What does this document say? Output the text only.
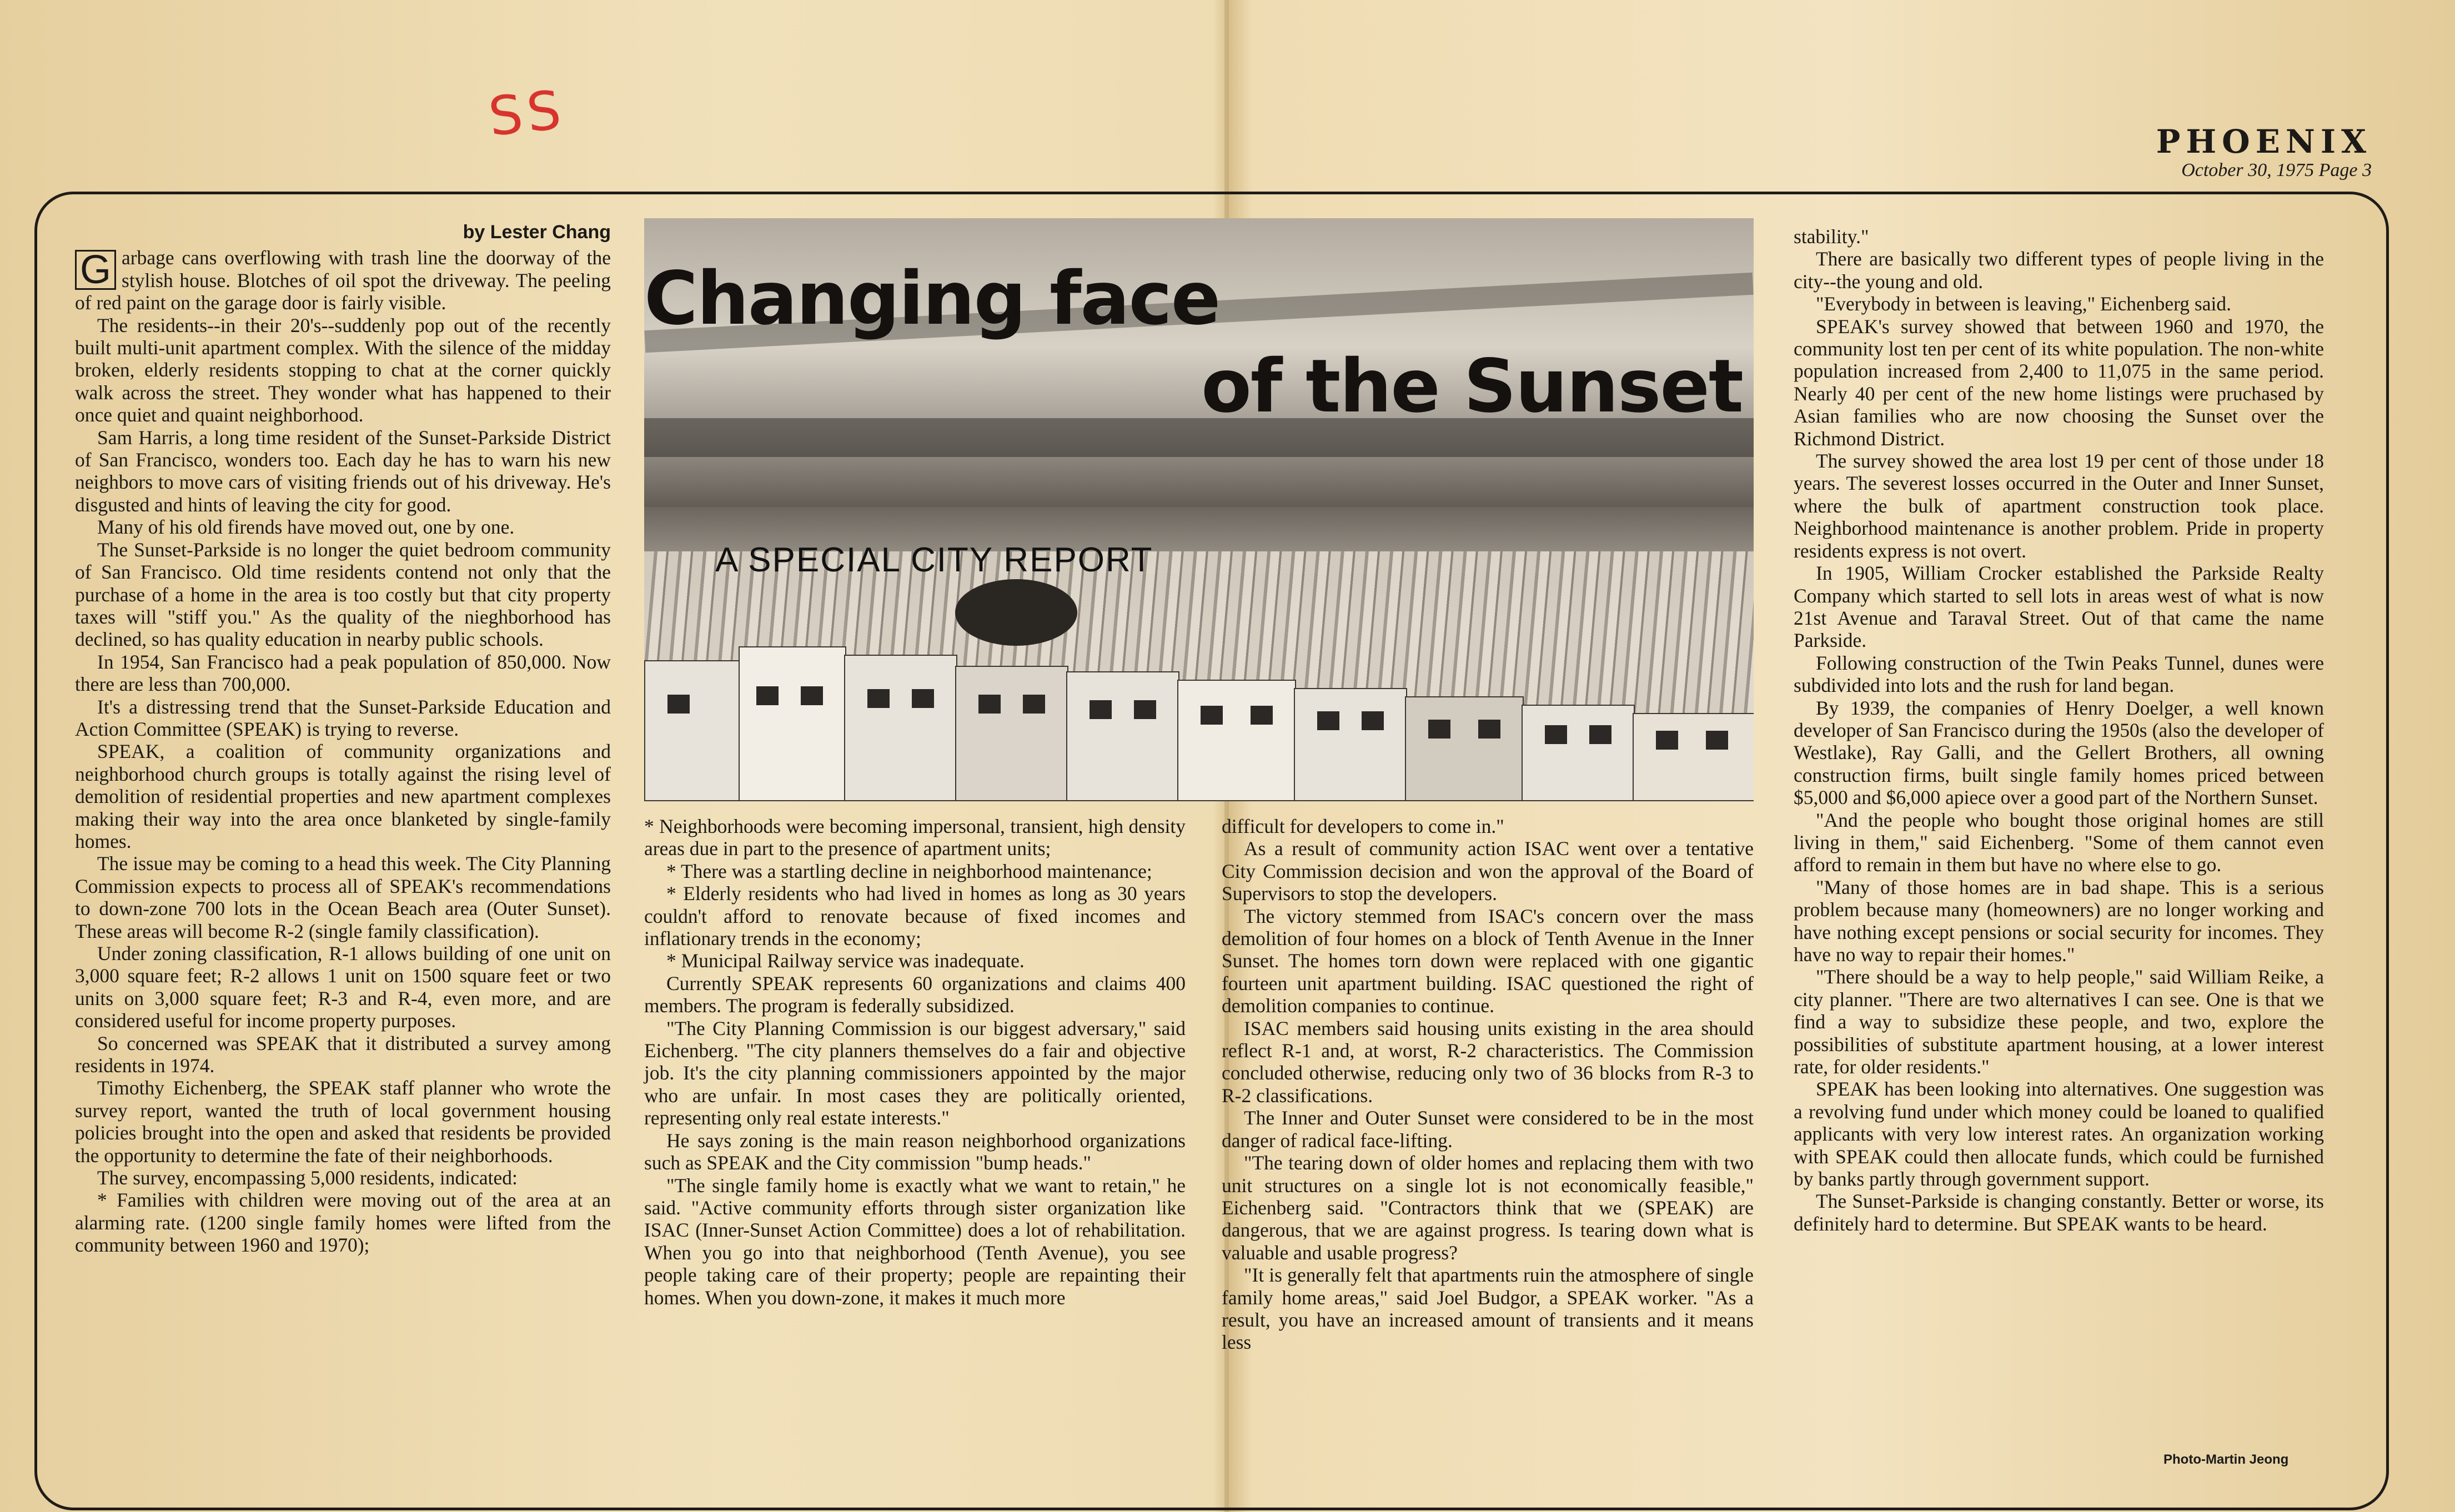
SS	PHOENIX
October 30, 1975 Page 3
by Lester Chang

G arbage cans overflowing with trash line the doorway of the stylish house. Blotches of oil spot the driveway. The peeling of red paint on the garage door is fairly visible.

The residents--in their 20's--suddenly pop out of the recently built multi-unit apartment complex. With the silence of the midday broken, elderly residents stopping to chat at the corner quickly walk across the street. They wonder what has happened to their once quiet and quaint neighborhood.

Sam Harris, a long time resident of the Sunset-Parkside District of San Francisco, wonders too. Each day he has to warn his new neighbors to move cars of visiting friends out of his driveway. He's disgusted and hints of leaving the city for good.

Many of his old firends have moved out, one by one.

The Sunset-Parkside is no longer the quiet bedroom community of San Francisco. Old time residents contend not only that the purchase of a home in the area is too costly but that city property taxes will "stiff you." As the quality of the nieghborhood has declined, so has quality education in nearby public schools.

In 1954, San Francisco had a peak population of 850,000. Now there are less than 700,000.

It's a distressing trend that the Sunset-Parkside Education and Action Committee (SPEAK) is trying to reverse.

SPEAK, a coalition of community organizations and neighborhood church groups is totally against the rising level of demolition of residential properties and new apartment complexes making their way into the area once blanketed by single-family homes.

The issue may be coming to a head this week. The City Planning Commission expects to process all of SPEAK's recommendations to down-zone 700 lots in the Ocean Beach area (Outer Sunset). These areas will become R-2 (single family classification).

Under zoning classification, R-1 allows building of one unit on 3,000 square feet; R-2 allows 1 unit on 1500 square feet or two units on 3,000 square feet; R-3 and R-4, even more, and are considered useful for income property purposes.

So concerned was SPEAK that it distributed a survey among residents in 1974.

Timothy Eichenberg, the SPEAK staff planner who wrote the survey report, wanted the truth of local government housing policies brought into the open and asked that residents be provided the opportunity to determine the fate of their neighborhoods.

The survey, encompassing 5,000 residents, indicated:

* Families with children were moving out of the area at an alarming rate. (1200 single family homes were lifted from the community between 1960 and 1970);

Changing face
of the Sunset
A SPECIAL CITY REPORT

* Neighborhoods were becoming impersonal, transient, high density areas due in part to the presence of apartment units;

* There was a startling decline in neighborhood maintenance;

* Elderly residents who had lived in homes as long as 30 years couldn't afford to renovate because of fixed incomes and inflationary trends in the economy;

* Municipal Railway service was inadequate.

Currently SPEAK represents 60 organizations and claims 400 members. The program is federally subsidized.

"The City Planning Commission is our biggest adversary," said Eichenberg. "The city planners themselves do a fair and objective job. It's the city planning commissioners appointed by the major who are unfair. In most cases they are politically oriented, representing only real estate interests."

He says zoning is the main reason neighborhood organizations such as SPEAK and the City commission "bump heads."

"The single family home is exactly what we want to retain," he said. "Active community efforts through sister organization like ISAC (Inner-Sunset Action Committee) does a lot of rehabilitation. When you go into that neighborhood (Tenth Avenue), you see people taking care of their property; people are repainting their homes. When you down-zone, it makes it much more

difficult for developers to come in."

As a result of community action ISAC went over a tentative City Commission decision and won the approval of the Board of Supervisors to stop the developers.

The victory stemmed from ISAC's concern over the mass demolition of four homes on a block of Tenth Avenue in the Inner Sunset. The homes torn down were replaced with one gigantic fourteen unit apartment building. ISAC questioned the right of demolition companies to continue.

ISAC members said housing units existing in the area should reflect R-1 and, at worst, R-2 characteristics. The Commission concluded otherwise, reducing only two of 36 blocks from R-3 to R-2 classifications.

The Inner and Outer Sunset were considered to be in the most danger of radical face-lifting.

"The tearing down of older homes and replacing them with two unit structures on a single lot is not economically feasible," Eichenberg said. "Contractors think that we (SPEAK) are dangerous, that we are against progress. Is tearing down what is valuable and usable progress?

"It is generally felt that apartments ruin the atmosphere of single family home areas," said Joel Budgor, a SPEAK worker. "As a result, you have an increased amount of transients and it means less

stability."

There are basically two different types of people living in the city--the young and old.

"Everybody in between is leaving," Eichenberg said.

SPEAK's survey showed that between 1960 and 1970, the community lost ten per cent of its white population. The non-white population increased from 2,400 to 11,075 in the same period. Nearly 40 per cent of the new home listings were pruchased by Asian families who are now choosing the Sunset over the Richmond District.

The survey showed the area lost 19 per cent of those under 18 years. The severest losses occurred in the Outer and Inner Sunset, where the bulk of apartment construction took place. Neighborhood maintenance is another problem. Pride in property residents express is not overt.

In 1905, William Crocker established the Parkside Realty Company which started to sell lots in areas west of what is now 21st Avenue and Taraval Street. Out of that came the name Parkside.

Following construction of the Twin Peaks Tunnel, dunes were subdivided into lots and the rush for land began.

By 1939, the companies of Henry Doelger, a well known developer of San Francisco during the 1950s (also the developer of Westlake), Ray Galli, and the Gellert Brothers, all owning construction firms, built single family homes priced between $5,000 and $6,000 apiece over a good part of the Northern Sunset.

"And the people who bought those original homes are still living in them," said Eichenberg. "Some of them cannot even afford to remain in them but have no where else to go.

"Many of those homes are in bad shape. This is a serious problem because many (homeowners) are no longer working and have nothing except pensions or social security for incomes. They have no way to repair their homes."

"There should be a way to help people," said William Reike, a city planner. "There are two alternatives I can see. One is that we find a way to subsidize these people, and two, explore the possibilities of substitute apartment housing, at a lower interest rate, for older residents."

SPEAK has been looking into alternatives. One suggestion was a revolving fund under which money could be loaned to qualified applicants with very low interest rates. An organization working with SPEAK could then allocate funds, which could be furnished by banks partly through government support.

The Sunset-Parkside is changing constantly. Better or worse, its definitely hard to determine. But SPEAK wants to be heard.

Photo-Martin Jeong
